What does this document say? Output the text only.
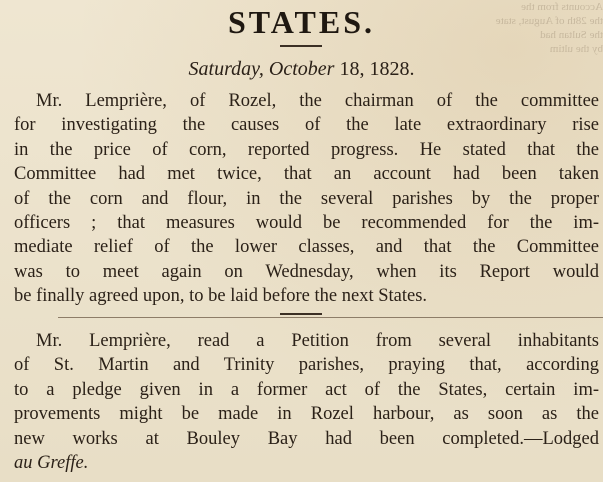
Accounts from the
the 28th of August, state
the Sultan had
by the ultim
STATES.
Saturday, October 18, 1828.
Mr. Lemprière, of Rozel, the chairman of the committee
for investigating the causes of the late extraordinary rise
in the price of corn, reported progress. He stated that the
Committee had met twice, that an account had been taken
of the corn and flour, in the several parishes by the proper
officers ; that measures would be recommended for the im-
mediate relief of the lower classes, and that the Committee
was to meet again on Wednesday, when its Report would
be finally agreed upon, to be laid before the next States.
Mr. Lemprière, read a Petition from several inhabitants
of St. Martin and Trinity parishes, praying that, according
to a pledge given in a former act of the States, certain im-
provements might be made in Rozel harbour, as soon as the
new works at Bouley Bay had been completed.—Lodged
au Greffe.
